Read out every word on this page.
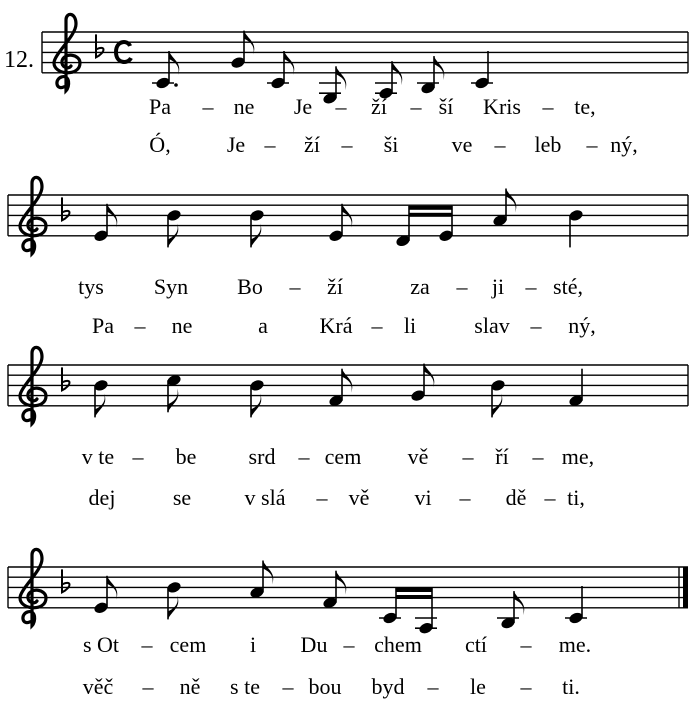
12.
Pa – ne Je – ží – ší Kris – te,
Ó,	Je – ží – ši ve – leb – ný,
tys Syn Bo – ží	za – ji – sté,
Pa – ne	a Krá – li	slav – ný,
v te – be srd – cem vě – ří – me,
dej	se v slá – vě vi – dě – ti,
s Ot – cem i Du – chem ctí – me.
věč – ně s te – bou byd – le – ti.
